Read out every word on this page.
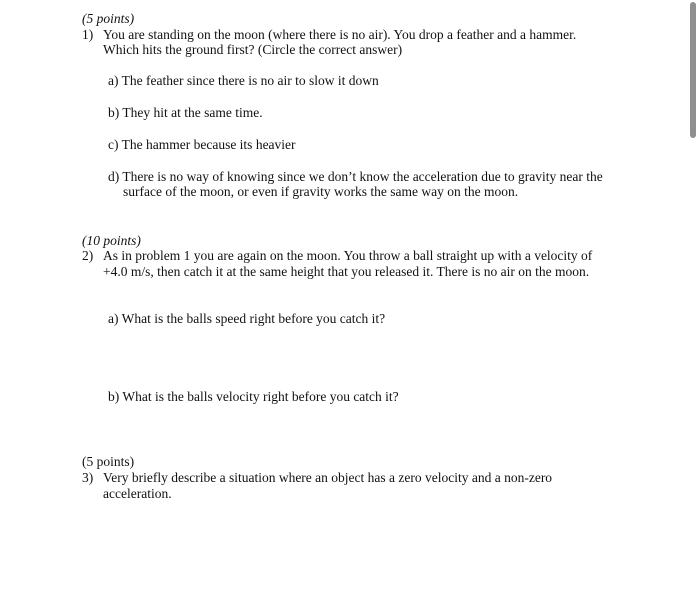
(5 points)
1) You are standing on the moon (where there is no air). You drop a feather and a hammer.
Which hits the ground first? (Circle the correct answer)
a) The feather since there is no air to slow it down
b) They hit at the same time.
c) The hammer because its heavier
d) There is no way of knowing since we don’t know the acceleration due to gravity near the
surface of the moon, or even if gravity works the same way on the moon.
(10 points)
2) As in problem 1 you are again on the moon. You throw a ball straight up with a velocity of
+4.0 m/s, then catch it at the same height that you released it. There is no air on the moon.
a) What is the balls speed right before you catch it?
b) What is the balls velocity right before you catch it?
(5 points)
3) Very briefly describe a situation where an object has a zero velocity and a non-zero
acceleration.
